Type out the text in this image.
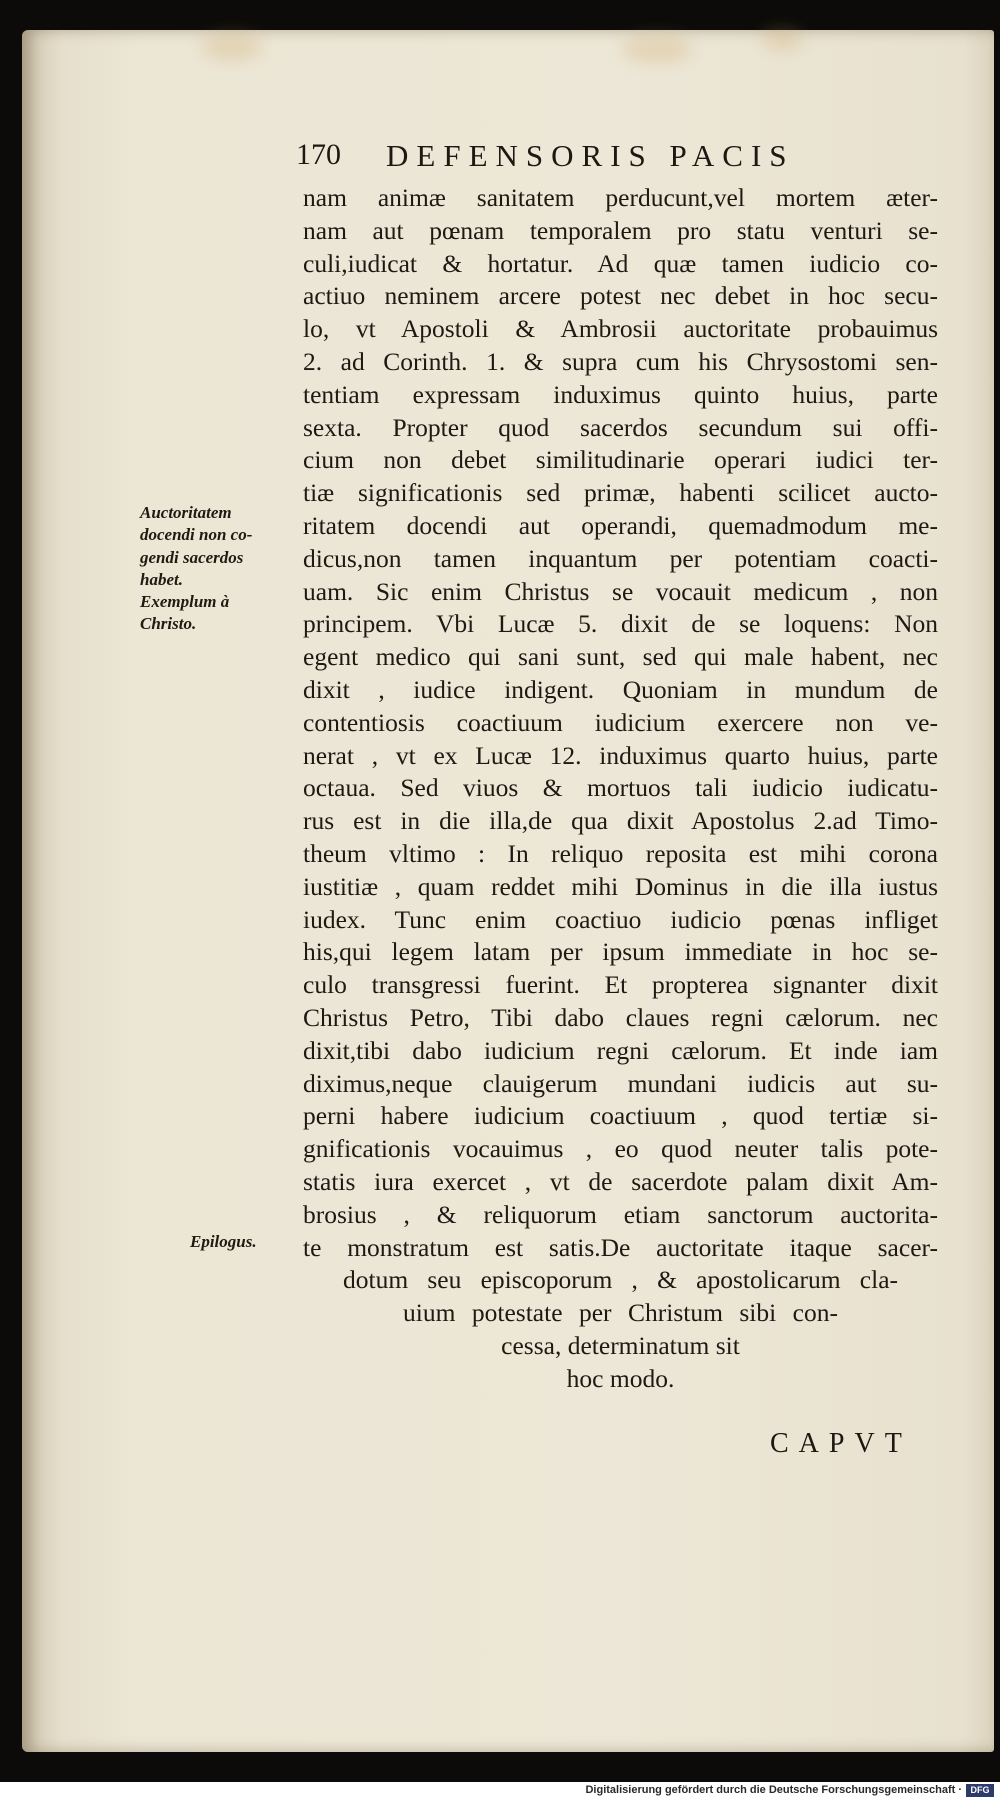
170 DEFENSORIS PACIS
Auctoritatem
docendi non co-
gendi sacerdos
habet.
Exemplum à
Christo.
Epilogus.
nam animæ sanitatem perducunt,vel mortem æter-
nam aut pœnam temporalem pro statu venturi se-
culi,iudicat & hortatur. Ad quæ tamen iudicio co-
actiuo neminem arcere potest nec debet in hoc secu-
lo, vt Apostoli & Ambrosii auctoritate probauimus
2. ad Corinth. 1. & supra cum his Chrysostomi sen-
tentiam expressam induximus quinto huius, parte
sexta. Propter quod sacerdos secundum sui offi-
cium non debet similitudinarie operari iudici ter-
tiæ significationis sed primæ, habenti scilicet aucto-
ritatem docendi aut operandi, quemadmodum me-
dicus,non tamen inquantum per potentiam coacti-
uam. Sic enim Christus se vocauit medicum , non
principem. Vbi Lucæ 5. dixit de se loquens: Non
egent medico qui sani sunt, sed qui male habent, nec
dixit , iudice indigent. Quoniam in mundum de
contentiosis coactiuum iudicium exercere non ve-
nerat , vt ex Lucæ 12. induximus quarto huius, parte
octaua. Sed viuos & mortuos tali iudicio iudicatu-
rus est in die illa,de qua dixit Apostolus 2.ad Timo-
theum vltimo : In reliquo reposita est mihi corona
iustitiæ , quam reddet mihi Dominus in die illa iustus
iudex. Tunc enim coactiuo iudicio pœnas infliget
his,qui legem latam per ipsum immediate in hoc se-
culo transgressi fuerint. Et propterea signanter dixit
Christus Petro, Tibi dabo claues regni cælorum. nec
dixit,tibi dabo iudicium regni cælorum. Et inde iam
diximus,neque clauigerum mundani iudicis aut su-
perni habere iudicium coactiuum , quod tertiæ si-
gnificationis vocauimus , eo quod neuter talis pote-
statis iura exercet , vt de sacerdote palam dixit Am-
brosius , & reliquorum etiam sanctorum auctorita-
te monstratum est satis.De auctoritate itaque sacer-
dotum seu episcoporum , & apostolicarum cla-
uium potestate per Christum sibi con-
cessa, determinatum sit
hoc modo.
CAPVT
Digitalisierung gefördert durch die Deutsche Forschungsgemeinschaft · DFG
